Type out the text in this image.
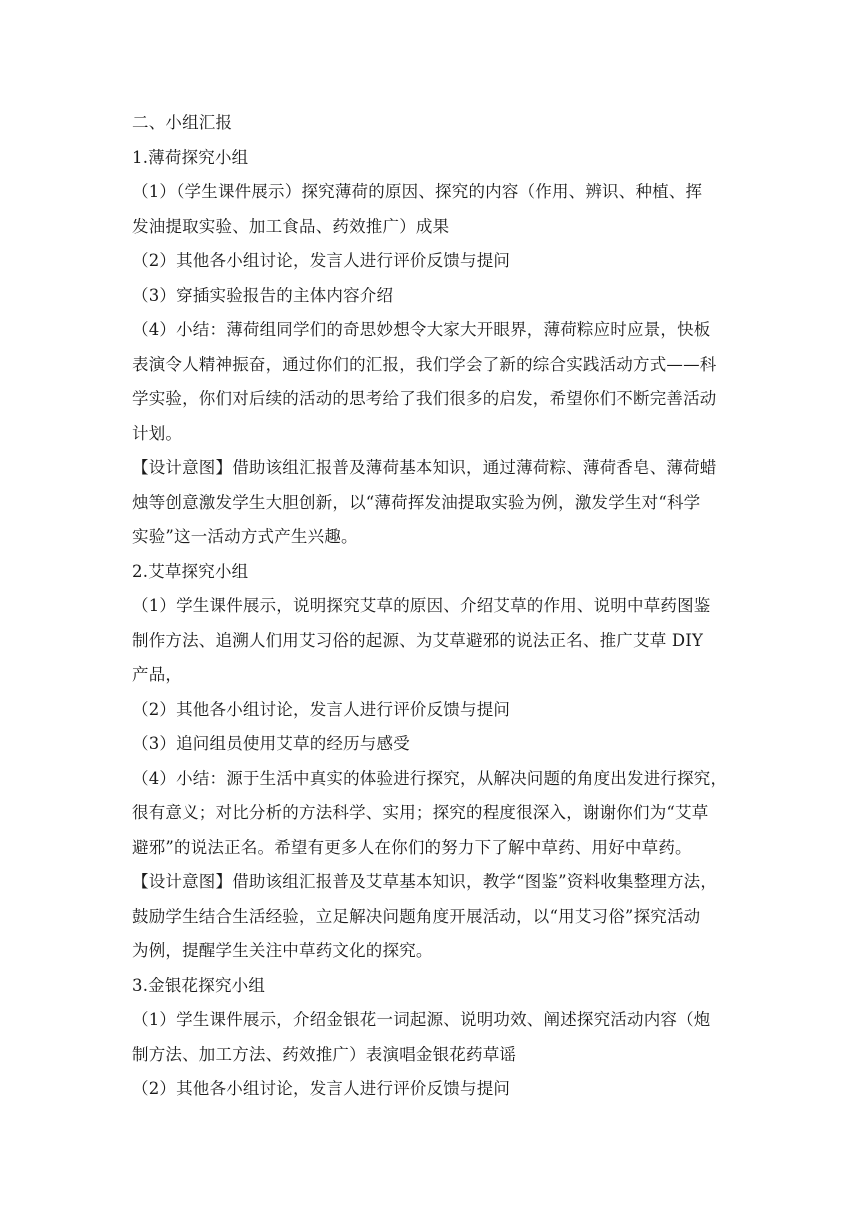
二、小组汇报

1.薄荷探究小组

（1）（学生课件展示）探究薄荷的原因、探究的内容（作用、辨识、种植、挥

发油提取实验、加工食品、药效推广）成果

（2）其他各小组讨论，发言人进行评价反馈与提问

（3）穿插实验报告的主体内容介绍

（4）小结：薄荷组同学们的奇思妙想令大家大开眼界，薄荷粽应时应景，快板

表演令人精神振奋，通过你们的汇报，我们学会了新的综合实践活动方式——科

学实验，你们对后续的活动的思考给了我们很多的启发，希望你们不断完善活动

计划。

【设计意图】借助该组汇报普及薄荷基本知识，通过薄荷粽、薄荷香皂、薄荷蜡

烛等创意激发学生大胆创新，以“薄荷挥发油提取实验为例，激发学生对“科学

实验”这一活动方式产生兴趣。

2.艾草探究小组

（1）学生课件展示，说明探究艾草的原因、介绍艾草的作用、说明中草药图鉴

制作方法、追溯人们用艾习俗的起源、为艾草避邪的说法正名、推广艾草 DIY

产品，

（2）其他各小组讨论，发言人进行评价反馈与提问

（3）追问组员使用艾草的经历与感受

（4）小结：源于生活中真实的体验进行探究，从解决问题的角度出发进行探究，

很有意义；对比分析的方法科学、实用；探究的程度很深入，谢谢你们为“艾草

避邪”的说法正名。希望有更多人在你们的努力下了解中草药、用好中草药。

【设计意图】借助该组汇报普及艾草基本知识，教学“图鉴”资料收集整理方法，

鼓励学生结合生活经验，立足解决问题角度开展活动，以“用艾习俗”探究活动

为例，提醒学生关注中草药文化的探究。

3.金银花探究小组

（1）学生课件展示，介绍金银花一词起源、说明功效、阐述探究活动内容（炮

制方法、加工方法、药效推广）表演唱金银花药草谣

（2）其他各小组讨论，发言人进行评价反馈与提问
